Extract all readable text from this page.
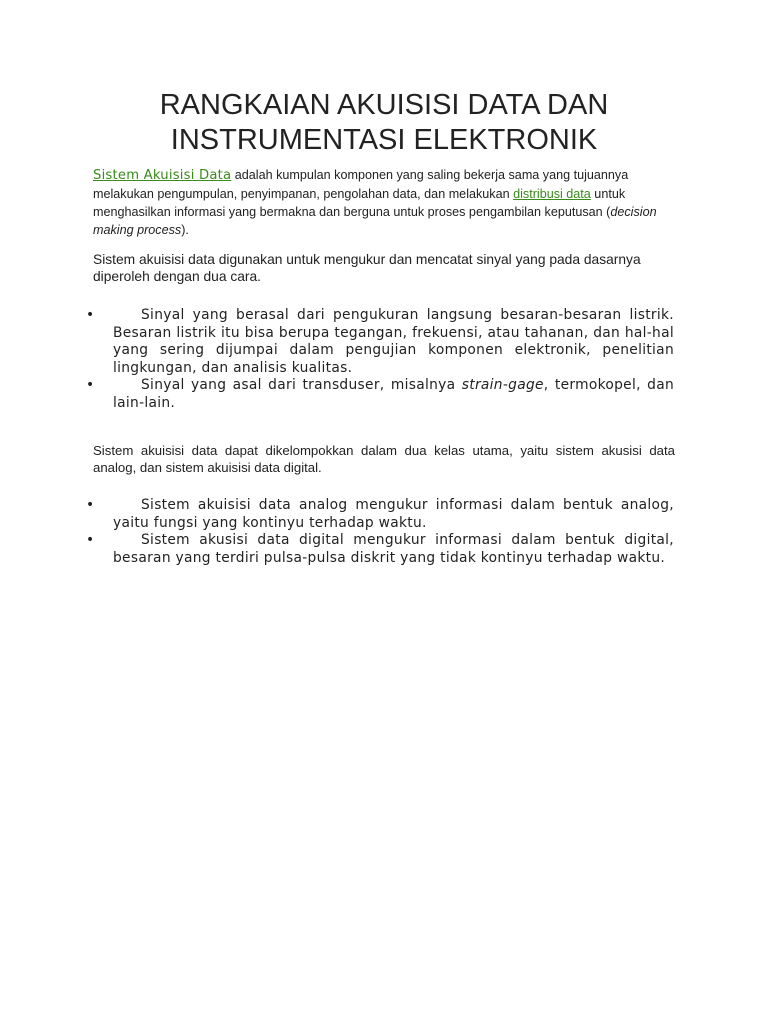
RANGKAIAN AKUISISI DATA DAN
INSTRUMENTASI ELEKTRONIK

Sistem Akuisisi Data adalah kumpulan komponen yang saling bekerja sama yang tujuannya melakukan pengumpulan, penyimpanan, pengolahan data, dan melakukan distribusi data untuk menghasilkan informasi yang bermakna dan berguna untuk proses pengambilan keputusan (decision making process).

Sistem akuisisi data digunakan untuk mengukur dan mencatat sinyal yang pada dasarnya diperoleh dengan dua cara.

•	Sinyal yang berasal dari pengukuran langsung besaran-besaran listrik. Besaran listrik itu bisa berupa tegangan, frekuensi, atau tahanan, dan hal-hal yang sering dijumpai dalam pengujian komponen elektronik, penelitian lingkungan, dan analisis kualitas.
•	Sinyal yang asal dari transduser, misalnya strain-gage, termokopel, dan lain-lain.

Sistem akuisisi data dapat dikelompokkan dalam dua kelas utama, yaitu sistem akusisi data analog, dan sistem akuisisi data digital.

•	Sistem akuisisi data analog mengukur informasi dalam bentuk analog, yaitu fungsi yang kontinyu terhadap waktu.
•	Sistem akusisi data digital mengukur informasi dalam bentuk digital, besaran yang terdiri pulsa-pulsa diskrit yang tidak kontinyu terhadap waktu.
